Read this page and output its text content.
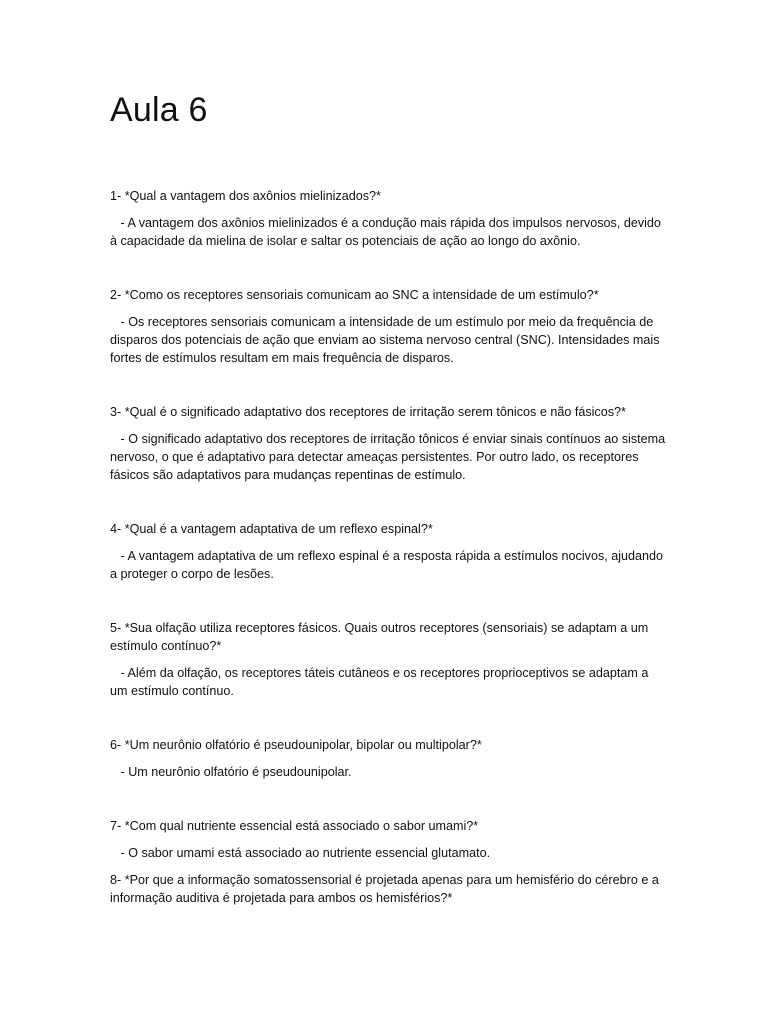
Aula 6

1- *Qual a vantagem dos axônios mielinizados?*

- A vantagem dos axônios mielinizados é a condução mais rápida dos impulsos nervosos, devido à capacidade da mielina de isolar e saltar os potenciais de ação ao longo do axônio.

2- *Como os receptores sensoriais comunicam ao SNC a intensidade de um estímulo?*

- Os receptores sensoriais comunicam a intensidade de um estímulo por meio da frequência de disparos dos potenciais de ação que enviam ao sistema nervoso central (SNC). Intensidades mais fortes de estímulos resultam em mais frequência de disparos.

3- *Qual é o significado adaptativo dos receptores de irritação serem tônicos e não fásicos?*

- O significado adaptativo dos receptores de irritação tônicos é enviar sinais contínuos ao sistema nervoso, o que é adaptativo para detectar ameaças persistentes. Por outro lado, os receptores fásicos são adaptativos para mudanças repentinas de estímulo.

4- *Qual é a vantagem adaptativa de um reflexo espinal?*

- A vantagem adaptativa de um reflexo espinal é a resposta rápida a estímulos nocivos, ajudando a proteger o corpo de lesões.

5- *Sua olfação utiliza receptores fásicos. Quais outros receptores (sensoriais) se adaptam a um estímulo contínuo?*

- Além da olfação, os receptores táteis cutâneos e os receptores proprioceptivos se adaptam a um estímulo contínuo.

6- *Um neurônio olfatório é pseudounipolar, bipolar ou multipolar?*

- Um neurônio olfatório é pseudounipolar.

7- *Com qual nutriente essencial está associado o sabor umami?*

- O sabor umami está associado ao nutriente essencial glutamato.

8- *Por que a informação somatossensorial é projetada apenas para um hemisfério do cérebro e a informação auditiva é projetada para ambos os hemisférios?*
